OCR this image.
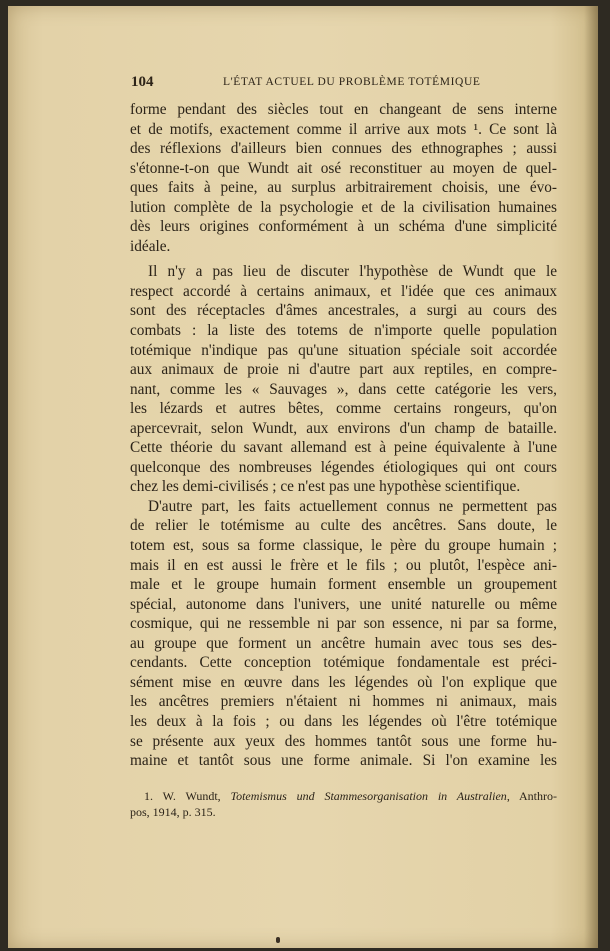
104	L'ÉTAT ACTUEL DU PROBLÈME TOTÉMIQUE
forme pendant des siècles tout en changeant de sens interne
et de motifs, exactement comme il arrive aux mots ¹. Ce sont là
des réflexions d'ailleurs bien connues des ethnographes ; aussi
s'étonne-t-on que Wundt ait osé reconstituer au moyen de quel-
ques faits à peine, au surplus arbitrairement choisis, une évo-
lution complète de la psychologie et de la civilisation humaines
dès leurs origines conformément à un schéma d'une simplicité
idéale.
Il n'y a pas lieu de discuter l'hypothèse de Wundt que le
respect accordé à certains animaux, et l'idée que ces animaux
sont des réceptacles d'âmes ancestrales, a surgi au cours des
combats : la liste des totems de n'importe quelle population
totémique n'indique pas qu'une situation spéciale soit accordée
aux animaux de proie ni d'autre part aux reptiles, en compre-
nant, comme les « Sauvages », dans cette catégorie les vers,
les lézards et autres bêtes, comme certains rongeurs, qu'on
apercevrait, selon Wundt, aux environs d'un champ de bataille.
Cette théorie du savant allemand est à peine équivalente à l'une
quelconque des nombreuses légendes étiologiques qui ont cours
chez les demi-civilisés ; ce n'est pas une hypothèse scientifique.
D'autre part, les faits actuellement connus ne permettent pas
de relier le totémisme au culte des ancêtres. Sans doute, le
totem est, sous sa forme classique, le père du groupe humain ;
mais il en est aussi le frère et le fils ; ou plutôt, l'espèce ani-
male et le groupe humain forment ensemble un groupement
spécial, autonome dans l'univers, une unité naturelle ou même
cosmique, qui ne ressemble ni par son essence, ni par sa forme,
au groupe que forment un ancêtre humain avec tous ses des-
cendants. Cette conception totémique fondamentale est préci-
sément mise en œuvre dans les légendes où l'on explique que
les ancêtres premiers n'étaient ni hommes ni animaux, mais
les deux à la fois ; ou dans les légendes où l'être totémique
se présente aux yeux des hommes tantôt sous une forme hu-
maine et tantôt sous une forme animale. Si l'on examine les
1. W. Wundt, Totemismus und Stammesorganisation in Australien, Anthro-
pos, 1914, p. 315.
